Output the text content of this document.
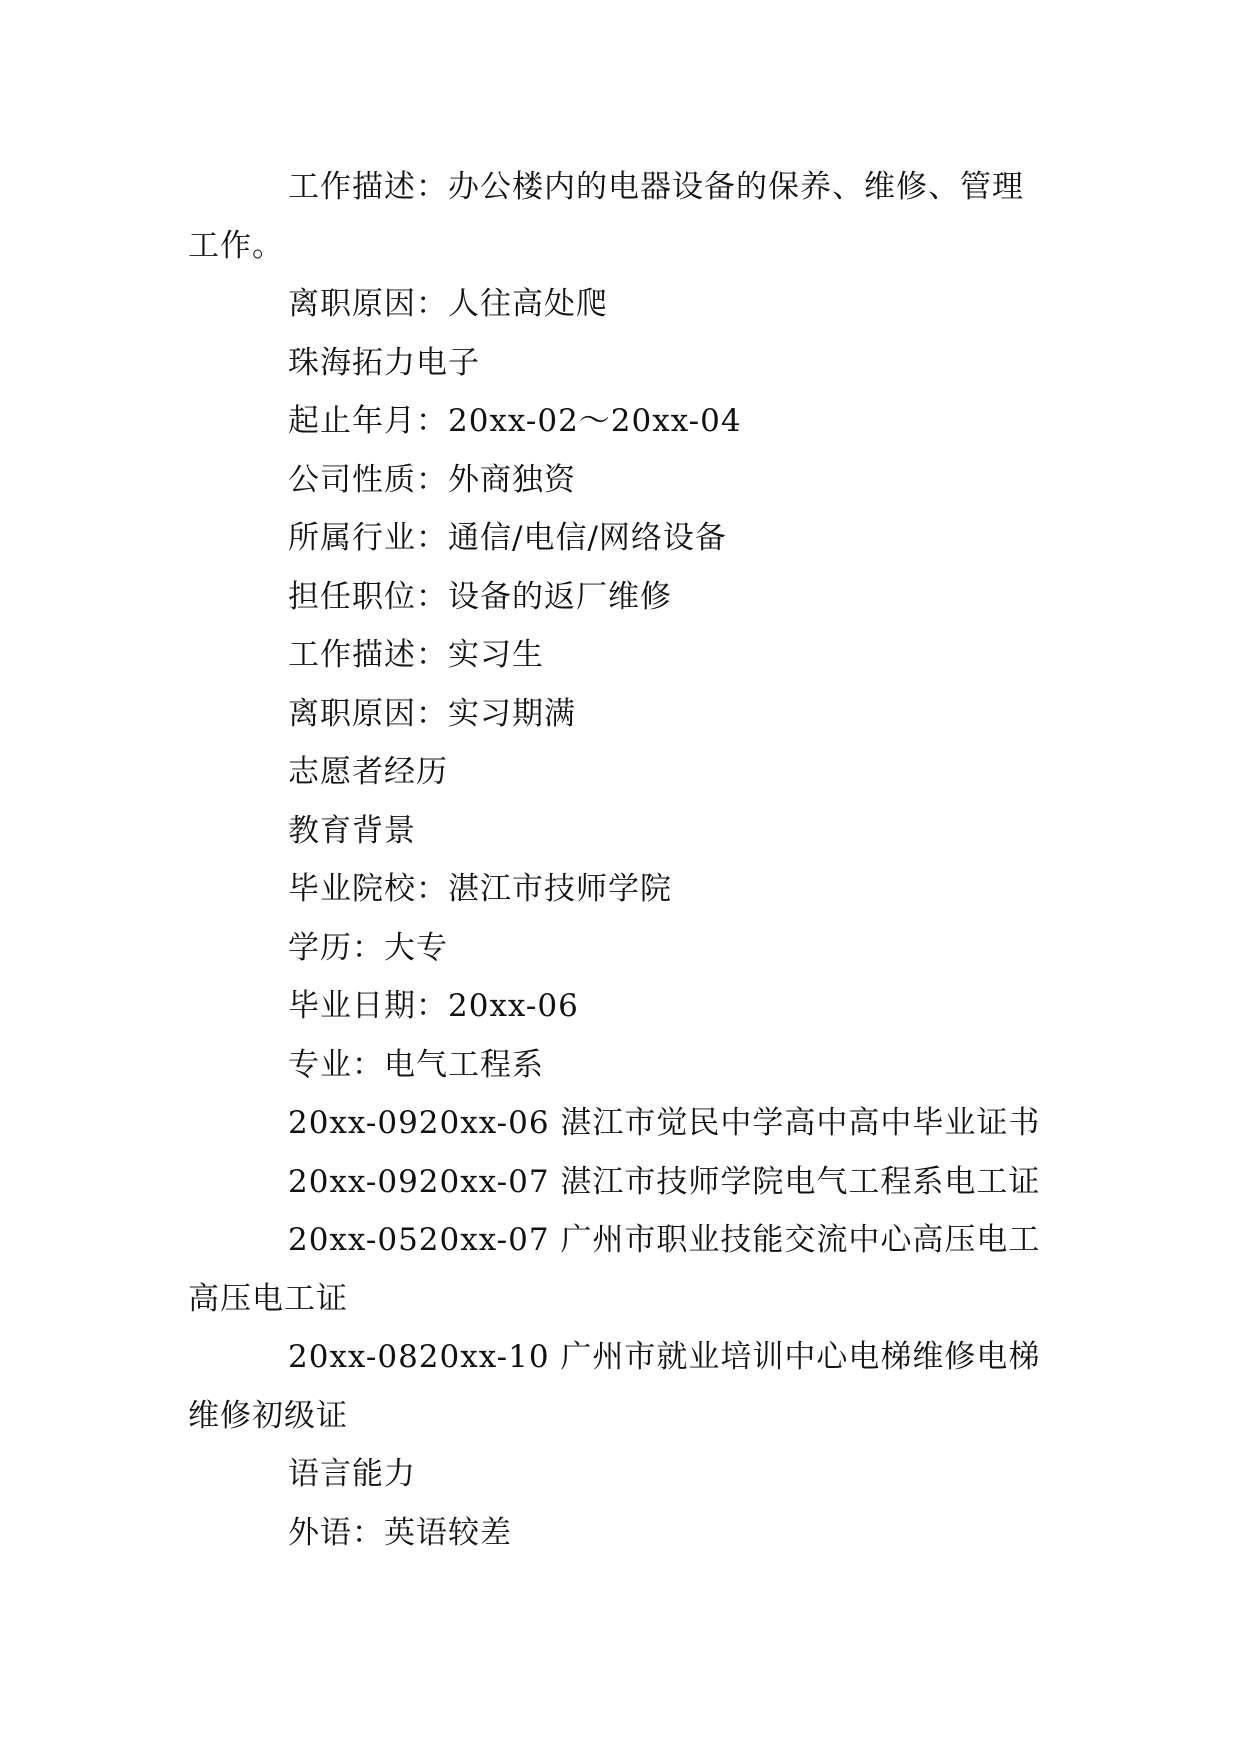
工作描述：办公楼内的电器设备的保养、维修、管理工作。

离职原因：人往高处爬

珠海拓力电子

起止年月：20xx-02～20xx-04

公司性质：外商独资

所属行业：通信/电信/网络设备

担任职位：设备的返厂维修

工作描述：实习生

离职原因：实习期满

志愿者经历

教育背景

毕业院校：湛江市技师学院

学历：大专

毕业日期：20xx-06

专业：电气工程系

20xx-0920xx-06 湛江市觉民中学高中高中毕业证书

20xx-0920xx-07 湛江市技师学院电气工程系电工证

20xx-0520xx-07 广州市职业技能交流中心高压电工高压电工证

20xx-0820xx-10 广州市就业培训中心电梯维修电梯维修初级证

语言能力

外语：英语较差
